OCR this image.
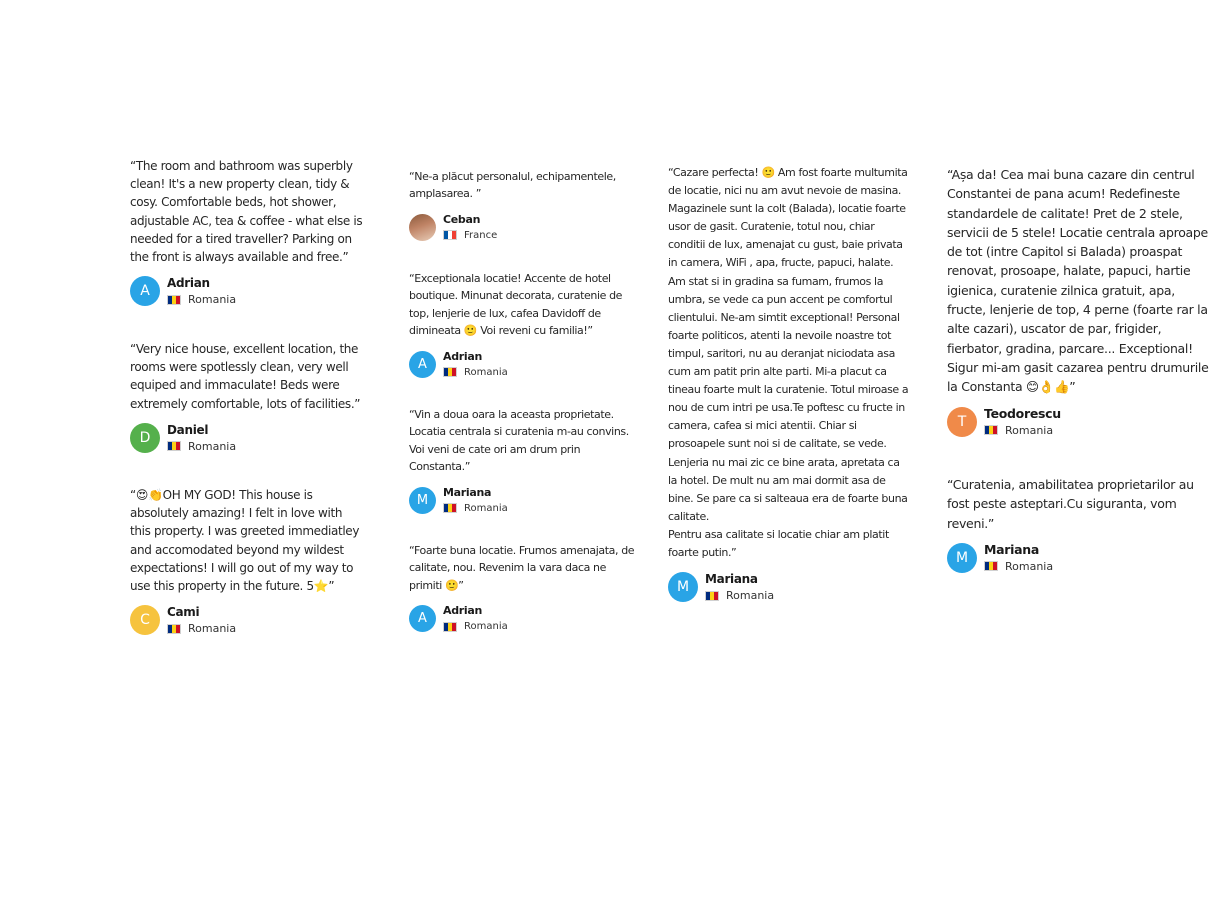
“The room and bathroom was superbly clean! It's a new property clean, tidy & cosy. Comfortable beds, hot shower, adjustable AC, tea & coffee - what else is needed for a tired traveller? Parking on the front is always available and free.”

A	Adrian
Romania

“Very nice house, excellent location, the rooms were spotlessly clean, very well equiped and immaculate! Beds were extremely comfortable, lots of facilities.”

D	Daniel
Romania

“😍👏OH MY GOD! This house is absolutely amazing! I felt in love with this property. I was greeted immediatley and accomodated beyond my wildest expectations! I will go out of my way to use this property in the future. 5⭐”

C	Cami
Romania

“Ne-a plăcut personalul, echipamentele, amplasarea. ”

Ceban
France

“Exceptionala locatie! Accente de hotel boutique. Minunat decorata, curatenie de top, lenjerie de lux, cafea Davidoff de dimineata 🙂 Voi reveni cu familia!”

A
Adrian
Romania

“Vin a doua oara la aceasta proprietate. Locatia centrala si curatenia m-au convins. Voi veni de cate ori am drum prin Constanta.”

M
Mariana
Romania

“Foarte buna locatie. Frumos amenajata, de calitate, nou. Revenim la vara daca ne primiti 🙂”

A
Adrian
Romania

“Cazare perfecta! 🙂 Am fost foarte multumita de locatie, nici nu am avut nevoie de masina. Magazinele sunt la colt (Balada), locatie foarte usor de gasit. Curatenie, totul nou, chiar conditii de lux, amenajat cu gust, baie privata in camera, WiFi , apa, fructe, papuci, halate. Am stat si in gradina sa fumam, frumos la umbra, se vede ca pun accent pe comfortul clientului. Ne-am simtit exceptional! Personal foarte politicos, atenti la nevoile noastre tot timpul, saritori, nu au deranjat niciodata asa cum am patit prin alte parti. Mi-a placut ca tineau foarte mult la curatenie. Totul miroase a nou de cum intri pe usa.Te poftesc cu fructe in camera, cafea si mici atentii. Chiar si prosoapele sunt noi si de calitate, se vede. Lenjeria nu mai zic ce bine arata, apretata ca la hotel. De mult nu am mai dormit asa de bine. Se pare ca si salteaua era de foarte buna calitate.
Pentru asa calitate si locatie chiar am platit foarte putin.”

M	Mariana
Romania

“Așa da! Cea mai buna cazare din centrul Constantei de pana acum! Redefineste standardele de calitate! Pret de 2 stele, servicii de 5 stele! Locatie centrala aproape de tot (intre Capitol si Balada) proaspat renovat, prosoape, halate, papuci, hartie igienica, curatenie zilnica gratuit, apa, fructe, lenjerie de top, 4 perne (foarte rar la alte cazari), uscator de par, frigider, fierbator, gradina, parcare... Exceptional! Sigur mi-am gasit cazarea pentru drumurile la Constanta 😊👌👍”

T
Teodorescu
Romania

“Curatenia, amabilitatea proprietarilor au fost peste asteptari.Cu siguranta, vom reveni.”

M
Mariana
Romania
